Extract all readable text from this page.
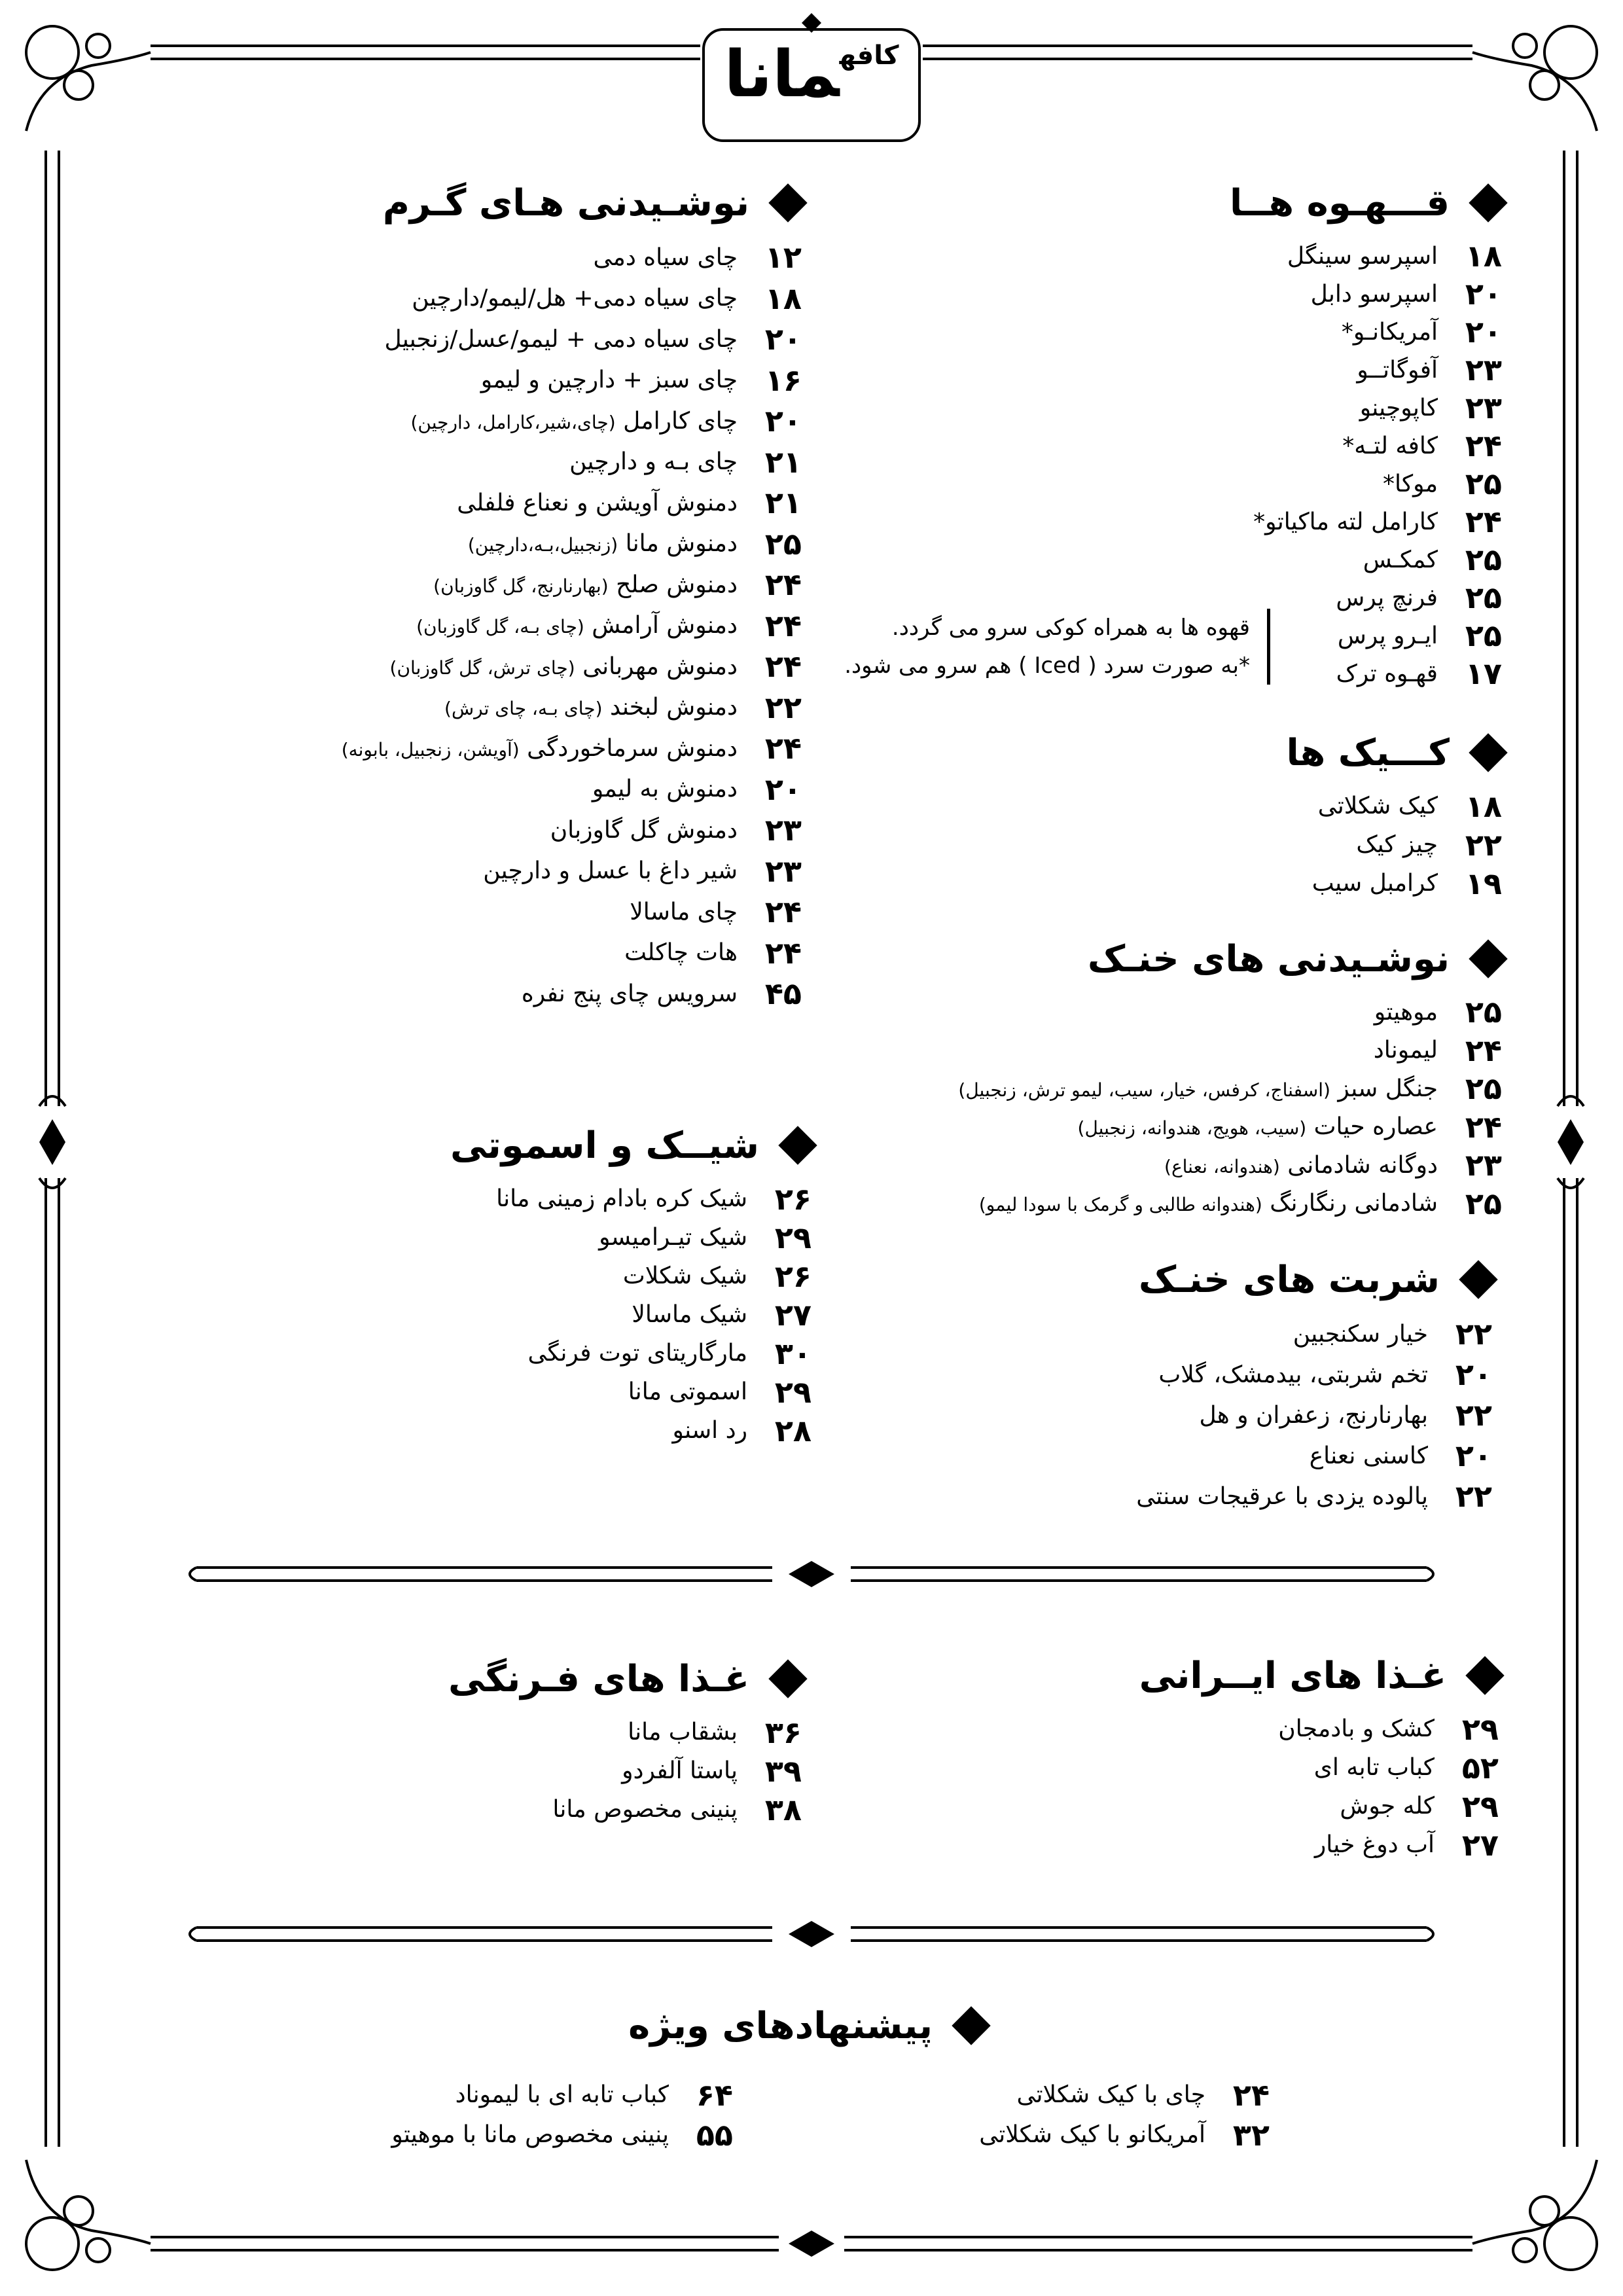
$^{کافه}$مانا
قـــهـوه هــا
۱۸
اسپرسو سینگل
۲۰
اسپرسو دابل
۲۰
آمریکانـو*
۲۳
آفوگاتــو
۲۳
کاپوچینو
۲۴
کافه لتـه*
۲۵
موکا*
۲۴
کارامل لته ماکیاتو*
۲۵
کمکـس
۲۵
فرنچ پرس
۲۵
ایـرو پرس
۱۷
قهـوه ترک
قهوه ها به همراه کوکی سرو می گردد.
*به صورت سرد ( Iced ) هم سرو می شود.
نوشـیدنی هـای گـرم
۱۲
چای سیاه دمی
۱۸
چای سیاه دمی+ هل/لیمو/دارچین
۲۰
چای سیاه دمی + لیمو/عسل/زنجبیل
۱۶
چای سبز + دارچین و لیمو
۲۰
چای کارامل (چای،شیر،کارامل، دارچین)
۲۱
چای بـه و دارچین
۲۱
دمنوش آویشن و نعناع فلفلی
۲۵
دمنوش مانا (زنجبیل،بـه،دارچین)
۲۴
دمنوش صلح (بهارنارنج، گل گاوزبان)
۲۴
دمنوش آرامش (چای بـه، گل گاوزبان)
۲۴
دمنوش مهربانی (چای ترش، گل گاوزبان)
۲۲
دمنوش لبخند (چای بـه، چای ترش)
۲۴
دمنوش سرماخوردگی (آویشن، زنجبیل، بابونه)
۲۰
دمنوش به لیمو
۲۳
دمنوش گل گاوزبان
۲۳
شیر داغ با عسل و دارچین
۲۴
چای ماسالا
۲۴
هات چاکلت
۴۵
سرویس چای پنج نفره
کـــیک ها
۱۸
کیک شکلاتی
۲۲
چیز کیک
۱۹
کرامبل سیب
نوشـیدنی های خنـک
۲۵
موهیتو
۲۴
لیموناد
۲۵
جنگل سبز (اسفناج، کرفس، خیار، سیب، لیمو ترش، زنجبیل)
۲۴
عصاره حیات (سیب، هویج، هندوانه، زنجبیل)
۲۳
دوگانه شادمانی (هندوانه، نعناع)
۲۵
شادمانی رنگارنگ (هندوانه طالبی و گرمک با سودا لیمو)
شیــک و اسموتی
۲۶
شیک کره بادام زمینی مانا
۲۹
شیک تیـرامیسو
۲۶
شیک شکلات
۲۷
شیک ماسالا
۳۰
مارگاریتای توت فرنگی
۲۹
اسموتی مانا
۲۸
رد اسنو
شربت های خنـک
۲۲
خیار سکنجبین
۲۰
تخم شربتی، بیدمشک، گلاب
۲۲
بهارنارنج، زعفران و هل
۲۰
کاسنی نعناع
۲۲
پالوده یزدی با عرقیجات سنتی
غـذا های ایــرانی
۲۹
کشک و بادمجان
۵۲
کباب تابه ای
۲۹
کله جوش
۲۷
آب دوغ خیار
غـذا های فـرنگی
۳۶
بشقاب مانا
۳۹
پاستا آلفردو
۳۸
پنینی مخصوص مانا
پیشنهادهای ویژه
۲۴
چای با کیک شکلاتی
۳۲
آمریکانو با کیک شکلاتی
۶۴
کباب تابه ای با لیموناد
۵۵
پنینی مخصوص مانا با موهیتو
